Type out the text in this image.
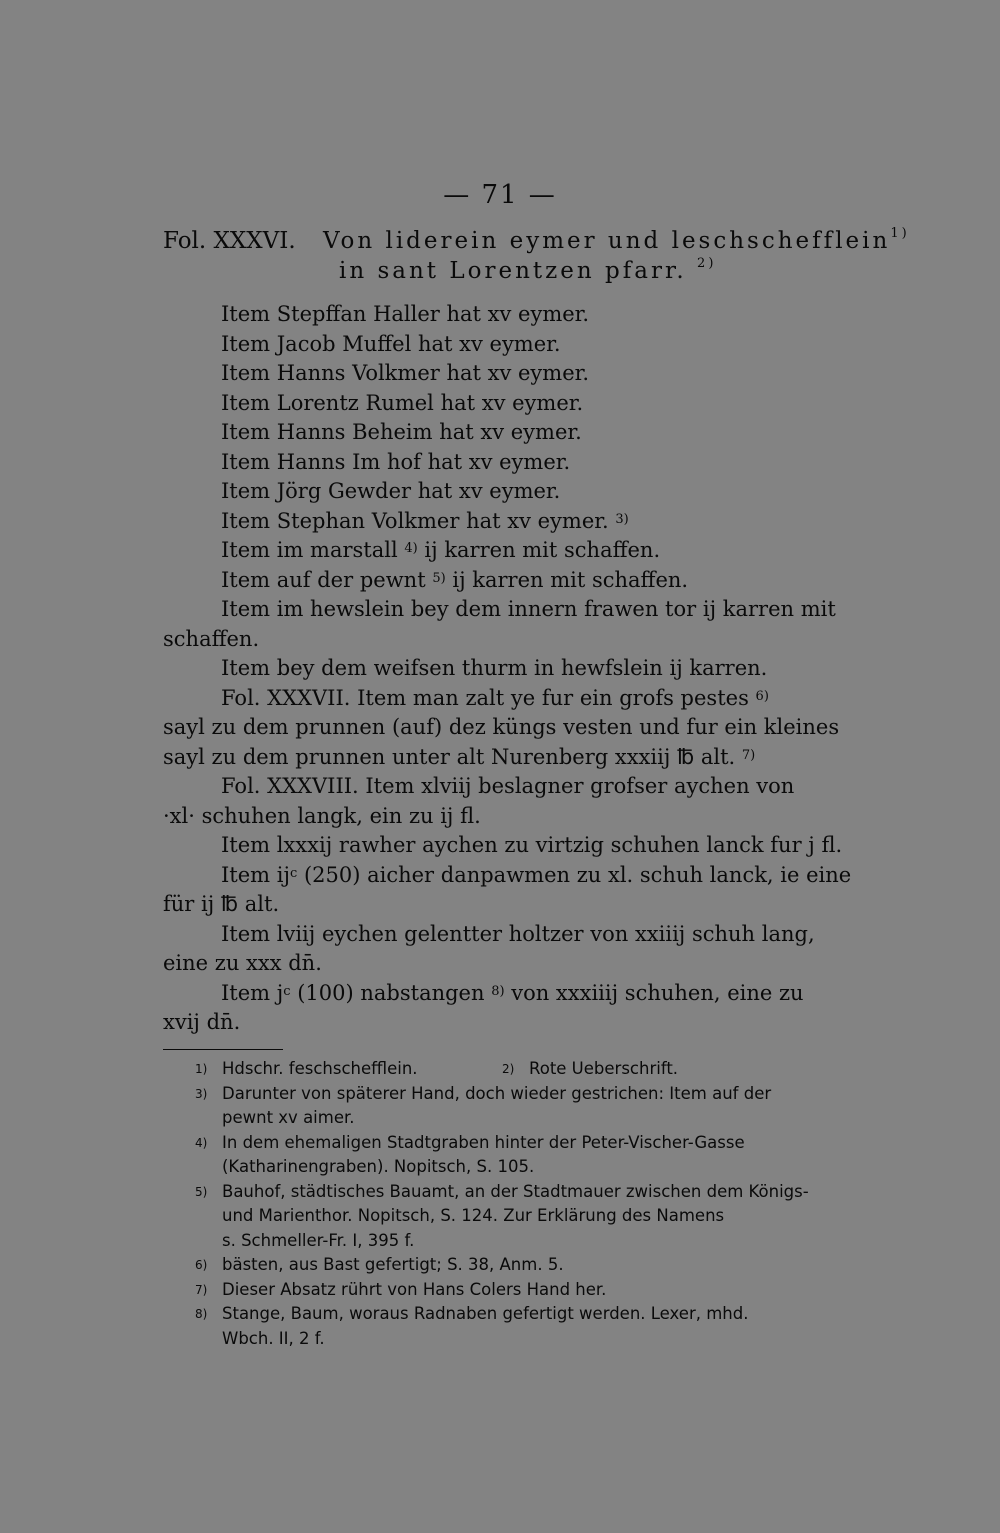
— 71 —
Fol. XXXVI. Von liderein eymer und leschschefflein$^{1)}$
in sant Lorentzen pfarr. $^{2)}$
Item Stepffan Haller hat xv eymer.
Item Jacob Muffel hat xv eymer.
Item Hanns Volkmer hat xv eymer.
Item Lorentz Rumel hat xv eymer.
Item Hanns Beheim hat xv eymer.
Item Hanns Im hof hat xv eymer.
Item Jörg Gewder hat xv eymer.
Item Stephan Volkmer hat xv eymer. $^{3)}$
Item im marstall $^{4)}$ ij karren mit schaffen.
Item auf der pewnt $^{5)}$ ij karren mit schaffen.
Item im hewslein bey dem innern frawen tor ij karren mit
schaffen.
Item bey dem weifsen thurm in hewfslein ij karren.
Fol. XXXVII. Item man zalt ye fur ein grofs pestes $^{6)}$
sayl zu dem prunnen (auf) dez küngs vesten und fur ein kleines
sayl zu dem prunnen unter alt Nurenberg xxxiij ℔ alt. $^{7)}$
Fol. XXXVIII. Item xlviij beslagner grofser aychen von
·xl· schuhen langk, ein zu ij fl.
Item lxxxij rawher aychen zu virtzig schuhen lanck fur j fl.
Item $ij^c$ (250) aicher danpawmen zu xl. schuh lanck, ie eine
für ij ℔ alt.
Item lviij eychen gelentter holtzer von xxiiij schuh lang,
eine zu xxx dn̄.
Item $j^c$ (100) nabstangen $^{8)}$ von xxxiiij schuhen, eine zu
xvij dn̄.
1) Hdschr. feschschefflein.	2) Rote Ueberschrift.
3) Darunter von späterer Hand, doch wieder gestrichen: Item auf der
pewnt xv aimer.
4) In dem ehemaligen Stadtgraben hinter der Peter-Vischer-Gasse
(Katharinengraben). Nopitsch, S. 105.
5) Bauhof, städtisches Bauamt, an der Stadtmauer zwischen dem Königs-
und Marienthor. Nopitsch, S. 124. Zur Erklärung des Namens
s. Schmeller-Fr. I, 395 f.
6) bästen, aus Bast gefertigt; S. 38, Anm. 5.
7) Dieser Absatz rührt von Hans Colers Hand her.
8) Stange, Baum, woraus Radnaben gefertigt werden. Lexer, mhd.
Wbch. II, 2 f.
